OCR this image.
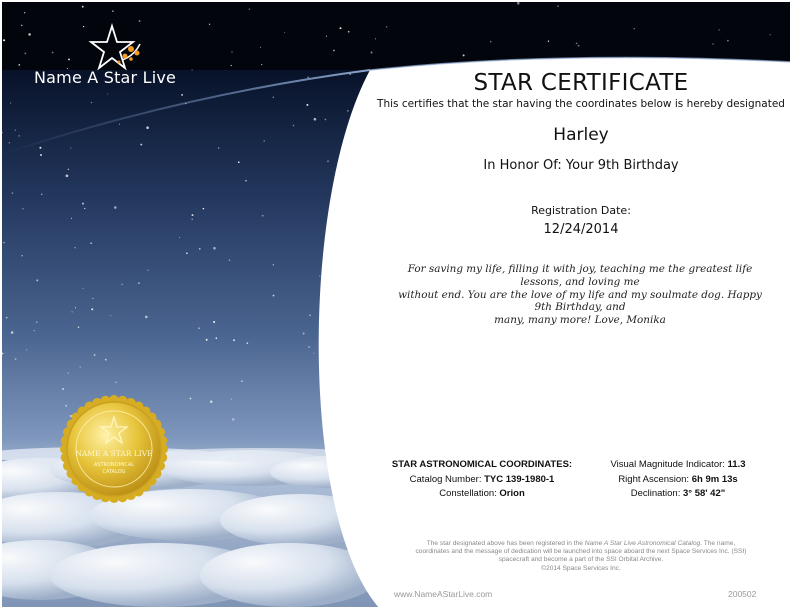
Name A Star Live
NAME A STAR LIVE
ASTRONOMICAL
CATALOG
STAR CERTIFICATE
This certifies that the star having the coordinates below is hereby designated
Harley
In Honor Of: Your 9th Birthday
Registration Date:
12/24/2014
For saving my life, filling it with joy, teaching me the greatest life lessons, and loving me
without end. You are the love of my life and my soulmate dog. Happy 9th Birthday, and
many, many more! Love, Monika
STAR ASTRONOMICAL COORDINATES:
Catalog Number: TYC 139-1980-1
Constellation: Orion
Visual Magnitude Indicator: 11.3
Right Ascension: 6h 9m 13s
Declination: 3° 58' 42"
The star designated above has been registered in the Name A Star Live Astronomical Catalog. The name,
coordinates and the message of dedication will be launched into space aboard the next Space Services Inc. (SSI)
spacecraft and become a part of the SSI Orbital Archive.
©2014 Space Services Inc.
www.NameAStarLive.com	200502
